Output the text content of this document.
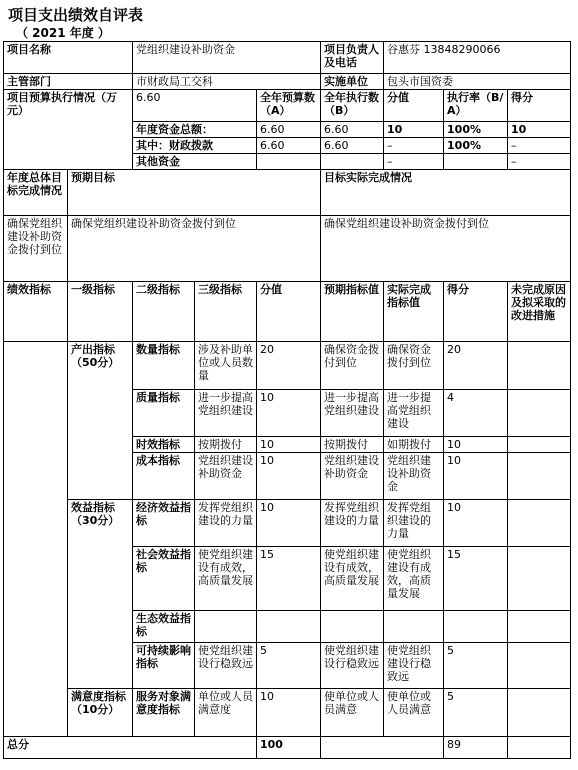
项目支出绩效自评表
（ 2021 年度 ）
项目名称		党组织建设补助资金			项目负责人及电话	谷惠芬 13848290066		
主管部门		市财政局工交科			实施单位	包头市国资委		
项目预算执行情况（万元）		6.60		全年预算数（A）	全年执行数（B）	分值	执行率（B/A）	得分
		年度资金总额：		6.60	6.60	10	100%	10
		其中：财政拨款		6.60	6.60	–	100%	–
		其他资金				–		–
年度总体目标完成情况	预期目标				目标实际完成情况			
确保党组织建设补助资金拨付到位	确保党组织建设补助资金拨付到位				确保党组织建设补助资金拨付到位			
绩效指标	一级指标	二级指标	三级指标	分值	预期指标值	实际完成指标值	得分	未完成原因及拟采取的改进措施
	产出指标（50分）	数量指标	涉及补助单位或人员数量	20	确保资金拨付到位	确保资金拨付到位	20	
		质量指标	进一步提高党组织建设	10	进一步提高党组织建设	进一步提高党组织建设	4	
		时效指标	按期拨付	10	按期拨付	如期拨付	10	
		成本指标	党组织建设补助资金	10	党组织建设补助资金	党组织建设补助资金	10	
	效益指标（30分）	经济效益指标	发挥党组织建设的力量	10	发挥党组织建设的力量	发挥党组织建设的力量	10	
		社会效益指标	使党组织建设有成效，高质量发展	15	使党组织建设有成效，高质量发展	使党组织建设有成效，高质量发展	15	
		生态效益指标						
		可持续影响指标	使党组织建设行稳致远	5	使党组织建设行稳致远	使党组织建设行稳致远	5	
	满意度指标（10分）	服务对象满意度指标	单位或人员满意度	10	使单位或人员满意	使单位或人员满意	5	
总分				100			89	
